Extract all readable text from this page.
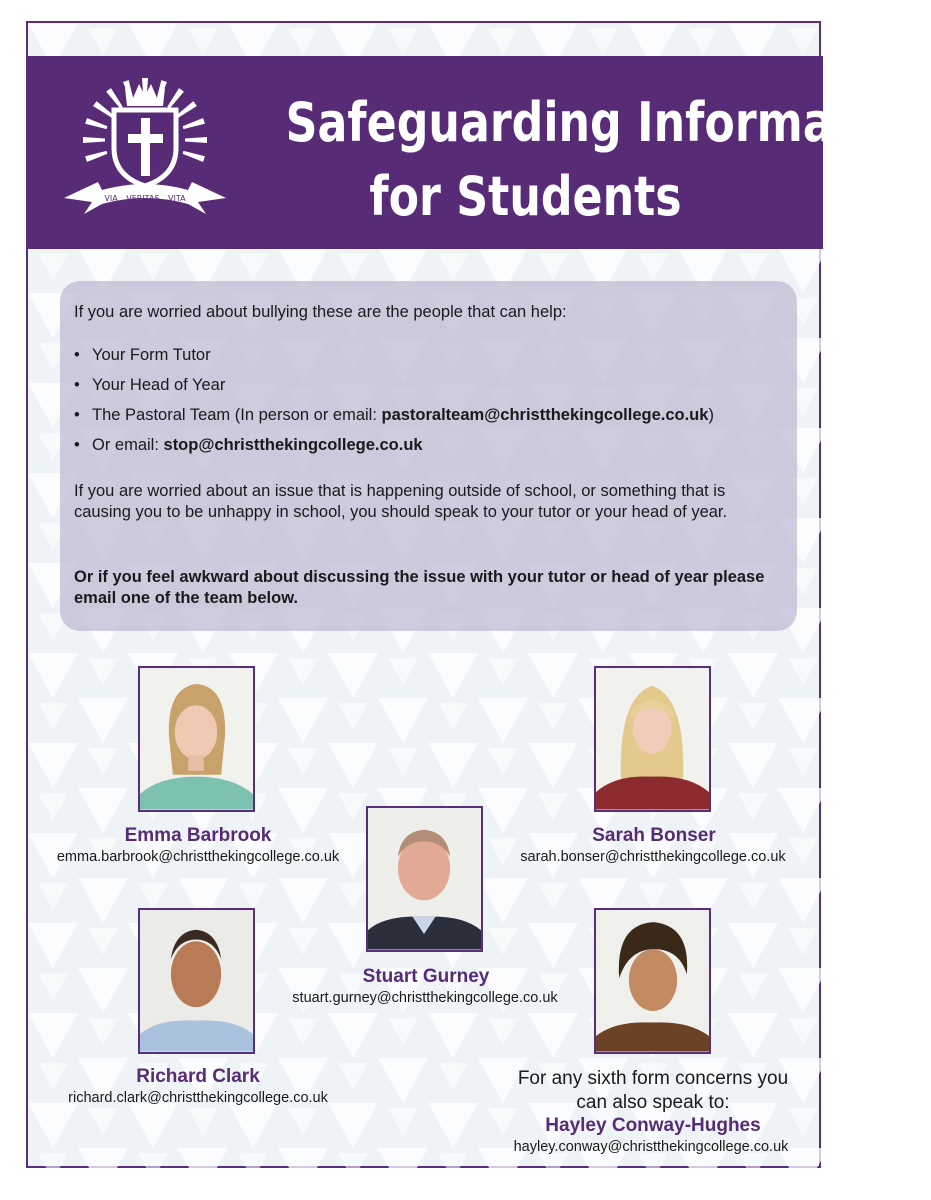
VIA VERITAS VITA
Safeguarding Information
for Students
If you are worried about bullying these are the people that can help:
• Your Form Tutor
• Your Head of Year
• The Pastoral Team (In person or email: pastoralteam@christthekingcollege.co.uk)
• Or email: stop@christthekingcollege.co.uk
If you are worried about an issue that is happening outside of school, or something that is causing you to be unhappy in school, you should speak to your tutor or your head of year.
Or if you feel awkward about discussing the issue with your tutor or head of year please email one of the team below.
Emma Barbrook
emma.barbrook@christthekingcollege.co.uk
Sarah Bonser
sarah.bonser@christthekingcollege.co.uk
Stuart Gurney
stuart.gurney@christthekingcollege.co.uk
Richard Clark
richard.clark@christthekingcollege.co.uk
For any sixth form concerns you
can also speak to:
Hayley Conway-Hughes
hayley.conway@christthekingcollege.co.uk
